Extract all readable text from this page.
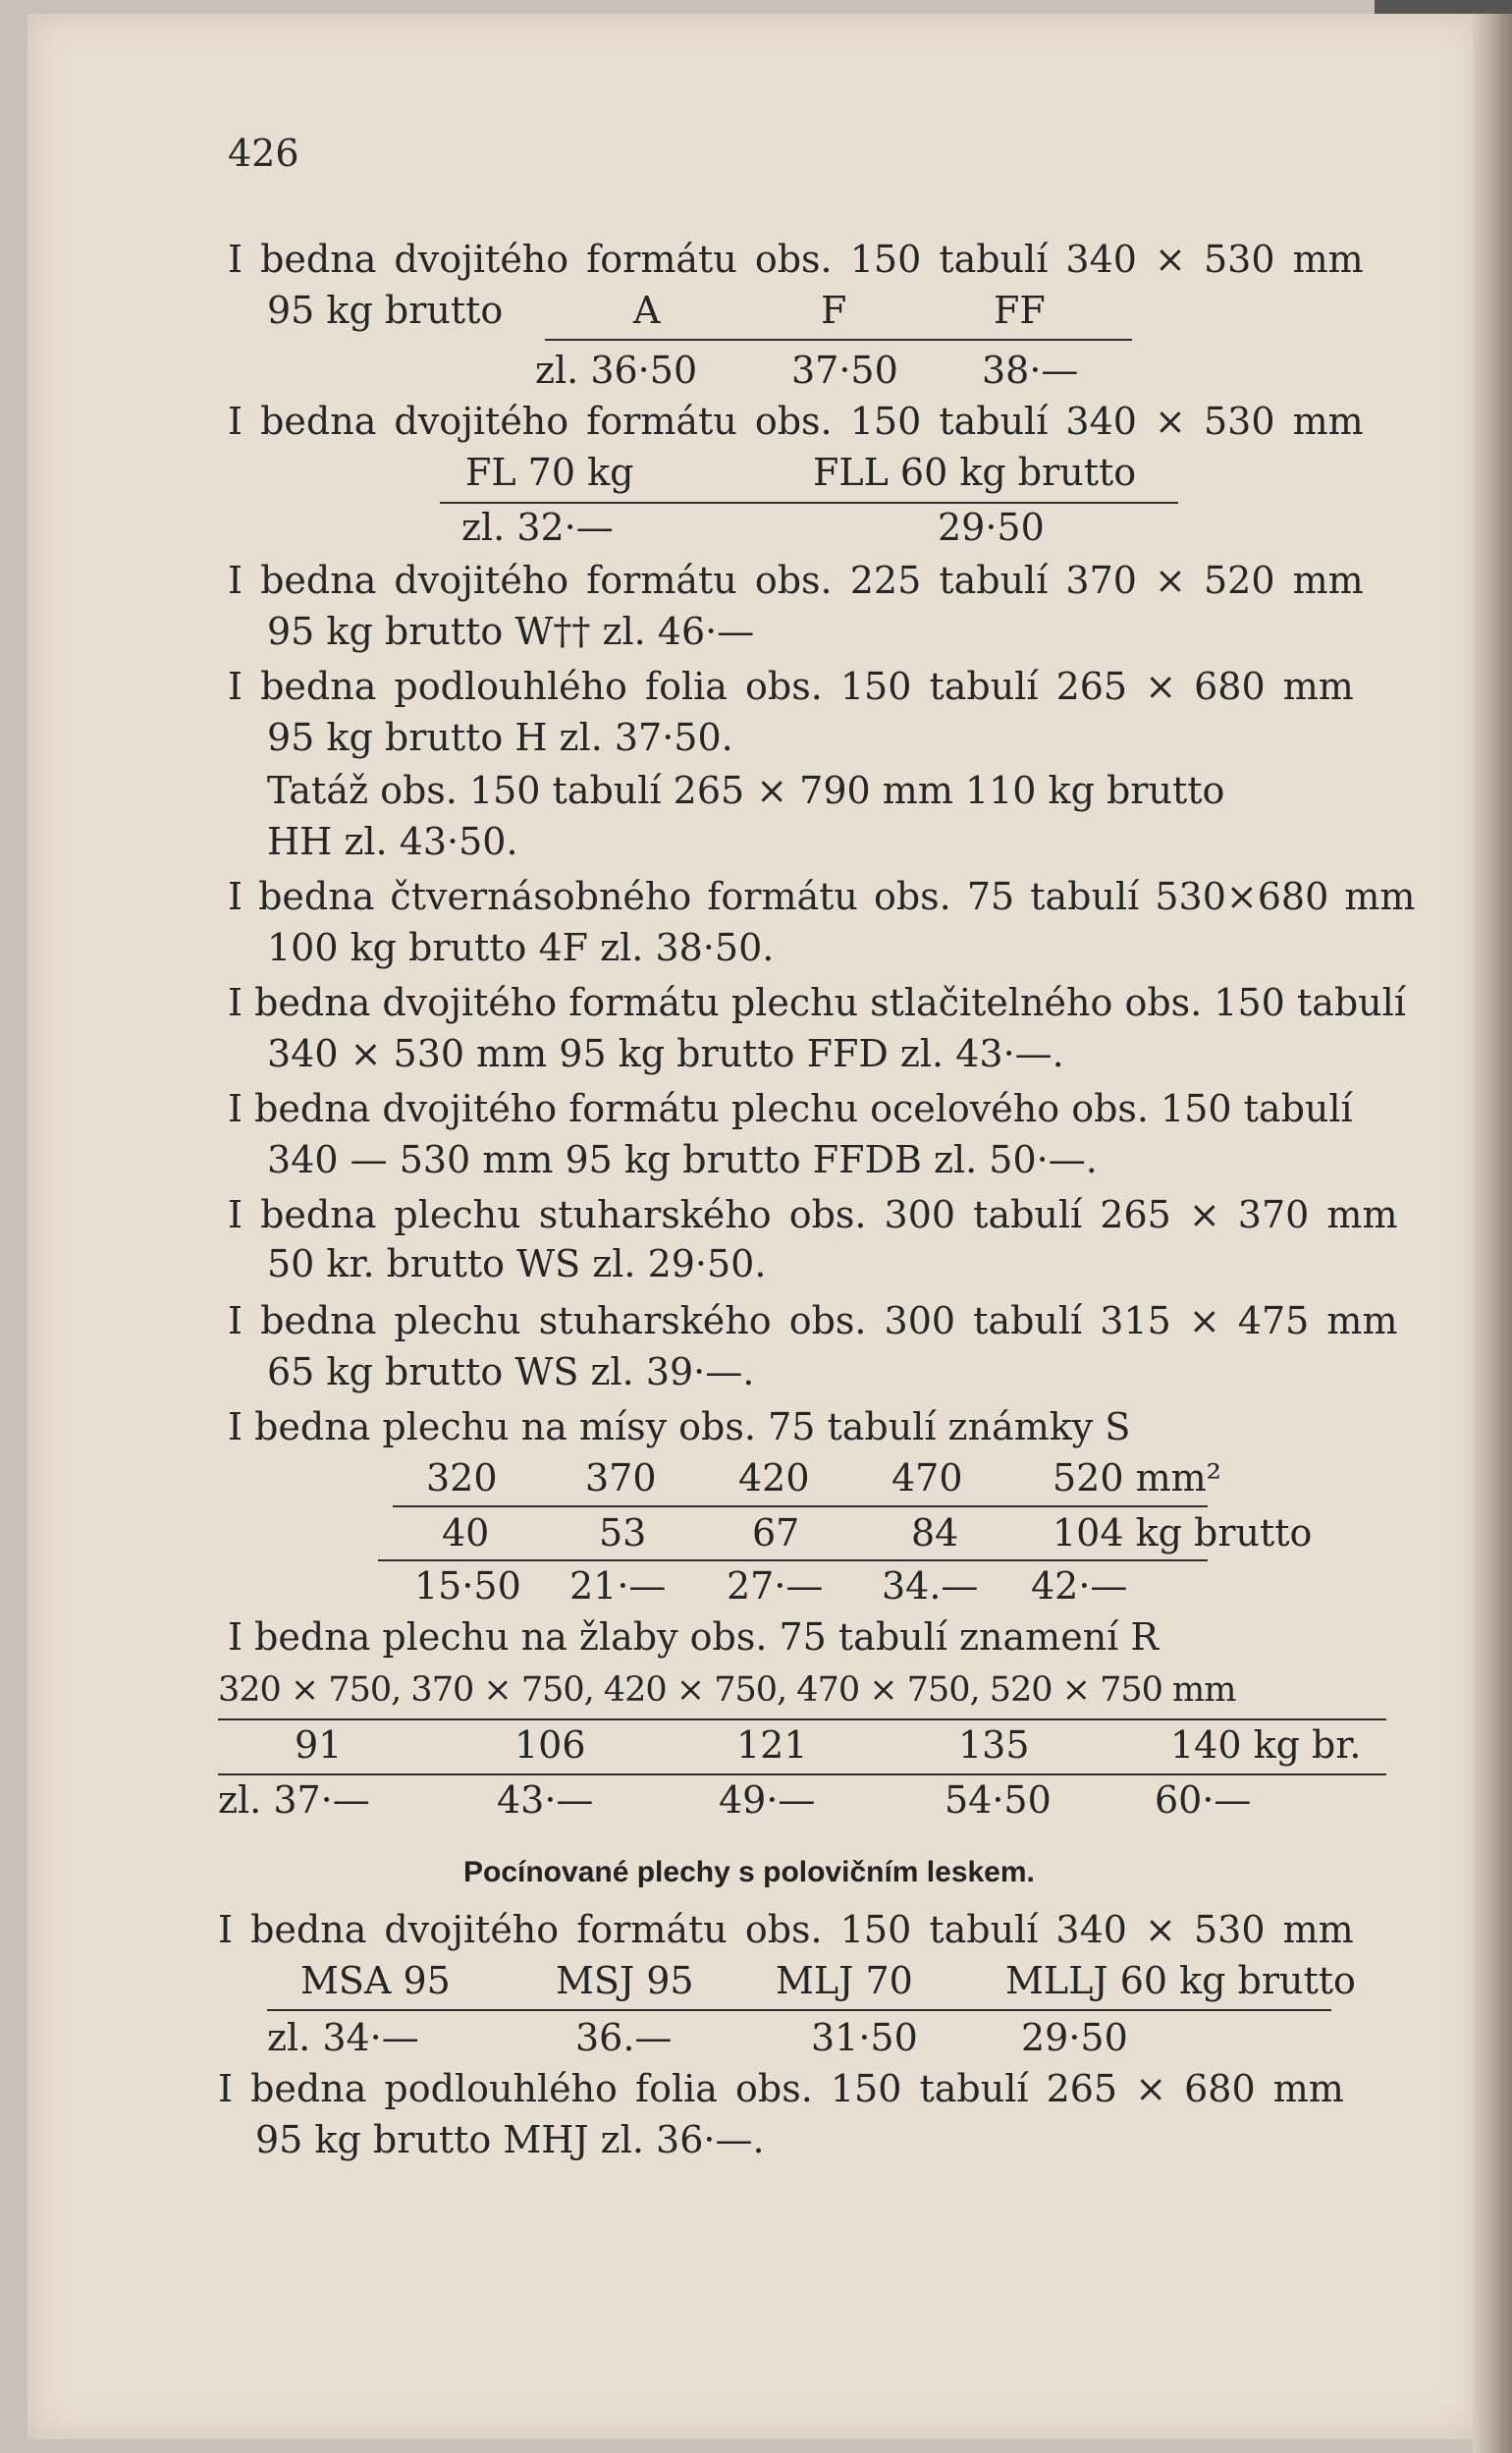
426
I bedna dvojitého formátu obs. 150 tabulí 340 × 530 mm
95 kg brutto	A	F	FF
zl. 36·50	37·50 38·—
I bedna dvojitého formátu obs. 150 tabulí 340 × 530 mm
FL 70 kg	FLL 60 kg brutto
zl. 32·—	29·50
I bedna dvojitého formátu obs. 225 tabulí 370 × 520 mm
95 kg brutto W†† zl. 46·—
I bedna podlouhlého folia obs. 150 tabulí 265 × 680 mm
95 kg brutto H zl. 37·50.
Tatáž obs. 150 tabulí 265 × 790 mm 110 kg brutto
HH zl. 43·50.
I bedna čtvernásobného formátu obs. 75 tabulí 530×680 mm
100 kg brutto 4F zl. 38·50.
I bedna dvojitého formátu plechu stlačitelného obs. 150 tabulí
340 × 530 mm 95 kg brutto FFD zl. 43·—.
I bedna dvojitého formátu plechu ocelového obs. 150 tabulí
340 — 530 mm 95 kg brutto FFDB zl. 50·—.
I bedna plechu stuharského obs. 300 tabulí 265 × 370 mm
50 kr. brutto WS zl. 29·50.
I bedna plechu stuharského obs. 300 tabulí 315 × 475 mm
65 kg brutto WS zl. 39·—.
I bedna plechu na mísy obs. 75 tabulí známky S
320 370 420 470 520 mm²
40	53	67	84	104 kg brutto
15·50 21·— 27·— 34.— 42·—
I bedna plechu na žlaby obs. 75 tabulí znamení R
320 × 750, 370 × 750, 420 × 750, 470 × 750, 520 × 750 mm
91	106	121	135	140 kg br.
zl. 37·—	43·—	49·—	54·50	60·—
Pocínované plechy s polovičním leskem.
I bedna dvojitého formátu obs. 150 tabulí 340 × 530 mm
MSA 95	MSJ 95 MLJ 70 MLLJ 60 kg brutto
zl. 34·—	36.—	31·50	29·50
I bedna podlouhlého folia obs. 150 tabulí 265 × 680 mm
95 kg brutto MHJ zl. 36·—.
